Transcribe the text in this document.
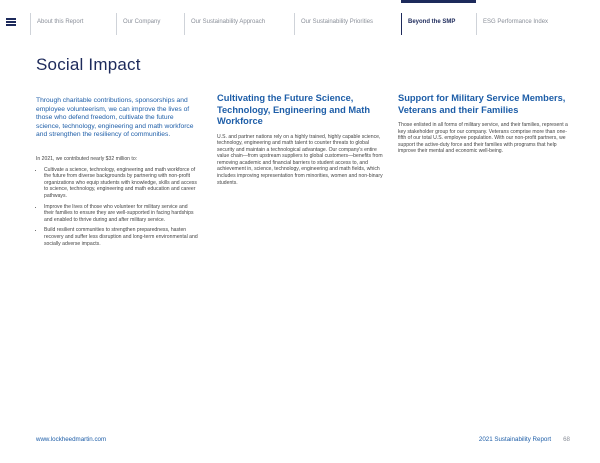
About this Report	Our Company	Our Sustainability Approach	Our Sustainability Priorities	Beyond the SMP	ESG Performance Index
Social Impact
Through charitable contributions, sponsorships and employee volunteerism, we can improve the lives of those who defend freedom, cultivate the future science, technology, engineering and math workforce and strengthen the resiliency of communities.

In 2021, we contributed nearly $32 million to:

• Cultivate a science, technology, engineering and math workforce of the future from diverse backgrounds by partnering with non-profit organizations who equip students with knowledge, skills and access to science, technology, engineering and math education and career pathways.
• Improve the lives of those who volunteer for military service and their families to ensure they are well-supported in facing hardships and enabled to thrive during and after military service.
• Build resilient communities to strengthen preparedness, hasten recovery and suffer less disruption and long-term environmental and socially adverse impacts.
Cultivating the Future Science, Technology, Engineering and Math Workforce

U.S. and partner nations rely on a highly trained, highly capable science, technology, engineering and math talent to counter threats to global security and maintain a technological advantage. Our company's entire value chain—from upstream suppliers to global customers—benefits from removing academic and financial barriers to student access to, and achievement in, science, technology, engineering and math fields, which includes improving representation from minorities, women and non-binary students.

Support for Military Service Members, Veterans and their Families

Those enlisted in all forms of military service, and their families, represent a key stakeholder group for our company. Veterans comprise more than one-fifth of our total U.S. employee population. With our non-profit partners, we support the active-duty force and their families with programs that help improve their mental and economic well-being.

www.lockheedmartin.com	2021 Sustainability Report 68
